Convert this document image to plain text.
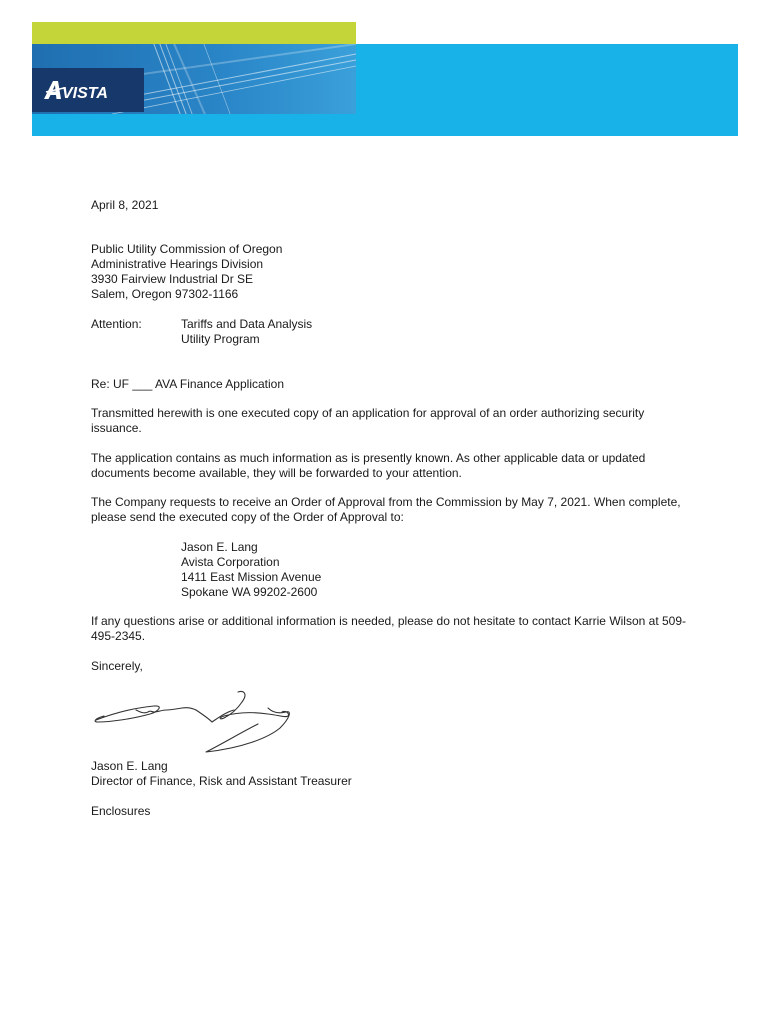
VISTA
April 8, 2021
Public Utility Commission of Oregon
Administrative Hearings Division
3930 Fairview Industrial Dr SE
Salem, Oregon 97302-1166
Attention:	Tariffs and Data Analysis
Utility Program
Re: UF ___ AVA Finance Application
Transmitted herewith is one executed copy of an application for approval of an order authorizing security issuance.
The application contains as much information as is presently known. As other applicable data or updated documents become available, they will be forwarded to your attention.
The Company requests to receive an Order of Approval from the Commission by May 7, 2021. When complete, please send the executed copy of the Order of Approval to:
Jason E. Lang
Avista Corporation
1411 East Mission Avenue
Spokane WA 99202-2600
If any questions arise or additional information is needed, please do not hesitate to contact Karrie Wilson at 509-495-2345.
Sincerely,
Jason E. Lang
Director of Finance, Risk and Assistant Treasurer
Enclosures
